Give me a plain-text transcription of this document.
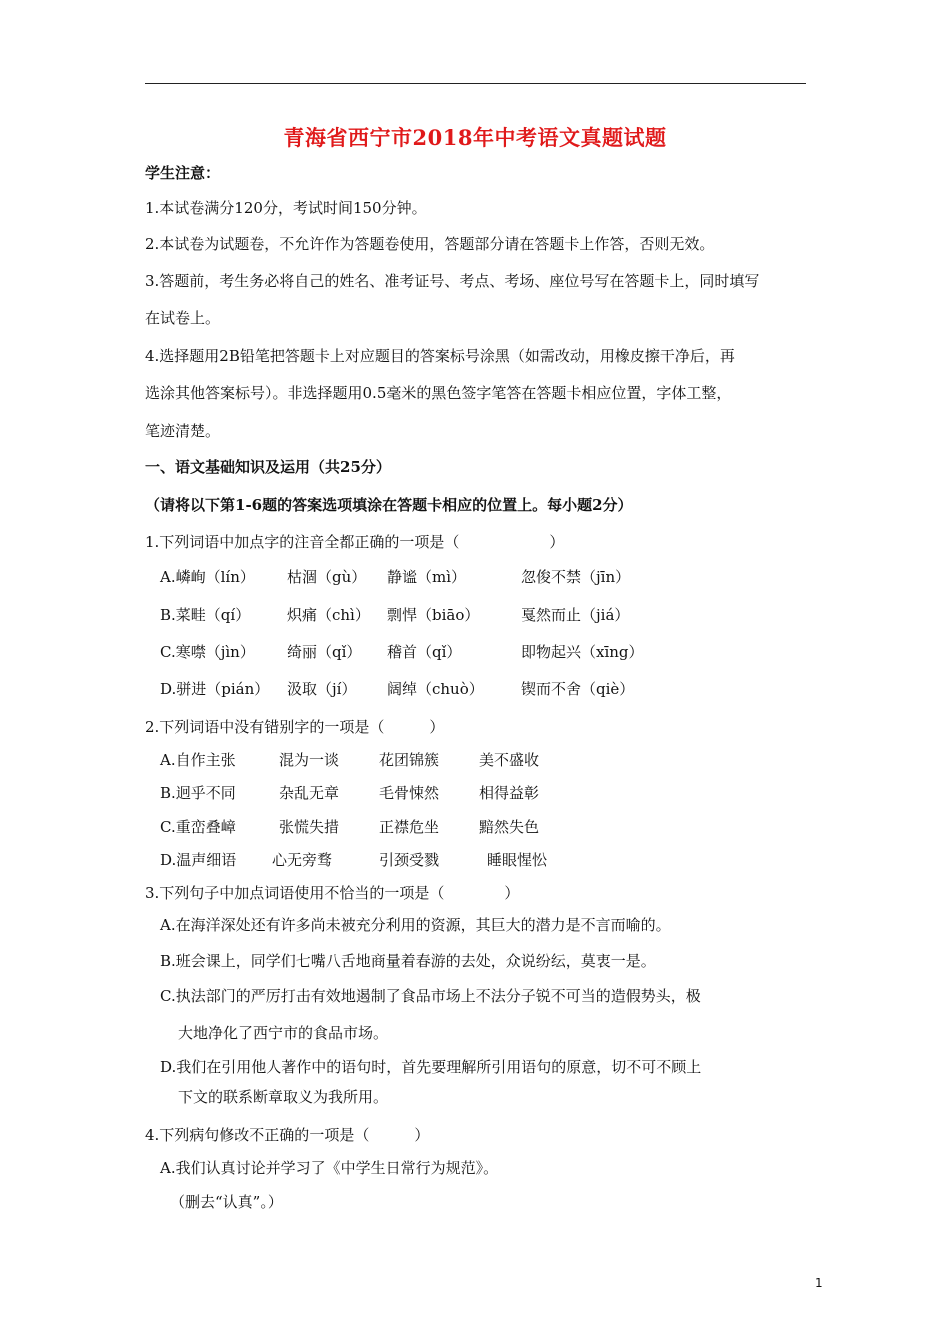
青海省西宁市2018年中考语文真题试题
学生注意：
1.本试卷满分120分，考试时间150分钟。
2.本试卷为试题卷，不允许作为答题卷使用，答题部分请在答题卡上作答，否则无效。
3.答题前，考生务必将自己的姓名、准考证号、考点、考场、座位号写在答题卡上，同时填写
在试卷上。
4.选择题用2B铅笔把答题卡上对应题目的答案标号涂黑（如需改动，用橡皮擦干净后，再
选涂其他答案标号）。非选择题用0.5毫米的黑色签字笔答在答题卡相应位置，字体工整，
笔迹清楚。
一、语文基础知识及运用（共25分）
（请将以下第1-6题的答案选项填涂在答题卡相应的位置上。每小题2分）
1.下列词语中加点字的注音全都正确的一项是（　　　　　　）
A.嶙峋（lín） 枯涸（gù） 静谧（mì）	忽俊不禁（jīn）
B.菜畦（qí） 炽痛（chì） 剽悍（biāo）	戛然而止（jiá）
C.寒噤（jìn） 绮丽（qǐ） 稽首（qǐ）	即物起兴（xīng）
D.骈进（pián） 汲取（jí） 阔绰（chuò） 锲而不舍（qiè）
2.下列词语中没有错别字的一项是（　　　）
A.自作主张	混为一谈	花团锦簇	美不盛收
B.迥乎不同	杂乱无章	毛骨悚然	相得益彰
C.重峦叠嶂	张慌失措	正襟危坐	黯然失色
D.温声细语 心无旁骛	引颈受戮	睡眼惺忪
3.下列句子中加点词语使用不恰当的一项是（　　　　）
A.在海洋深处还有许多尚未被充分利用的资源，其巨大的潜力是不言而喻的。
B.班会课上，同学们七嘴八舌地商量着春游的去处，众说纷纭，莫衷一是。
C.执法部门的严厉打击有效地遏制了食品市场上不法分子锐不可当的造假势头，极
大地净化了西宁市的食品市场。
D.我们在引用他人著作中的语句时，首先要理解所引用语句的原意，切不可不顾上
下文的联系断章取义为我所用。
4.下列病句修改不正确的一项是（　　　）
A.我们认真讨论并学习了《中学生日常行为规范》。
（删去“认真”。）
1
